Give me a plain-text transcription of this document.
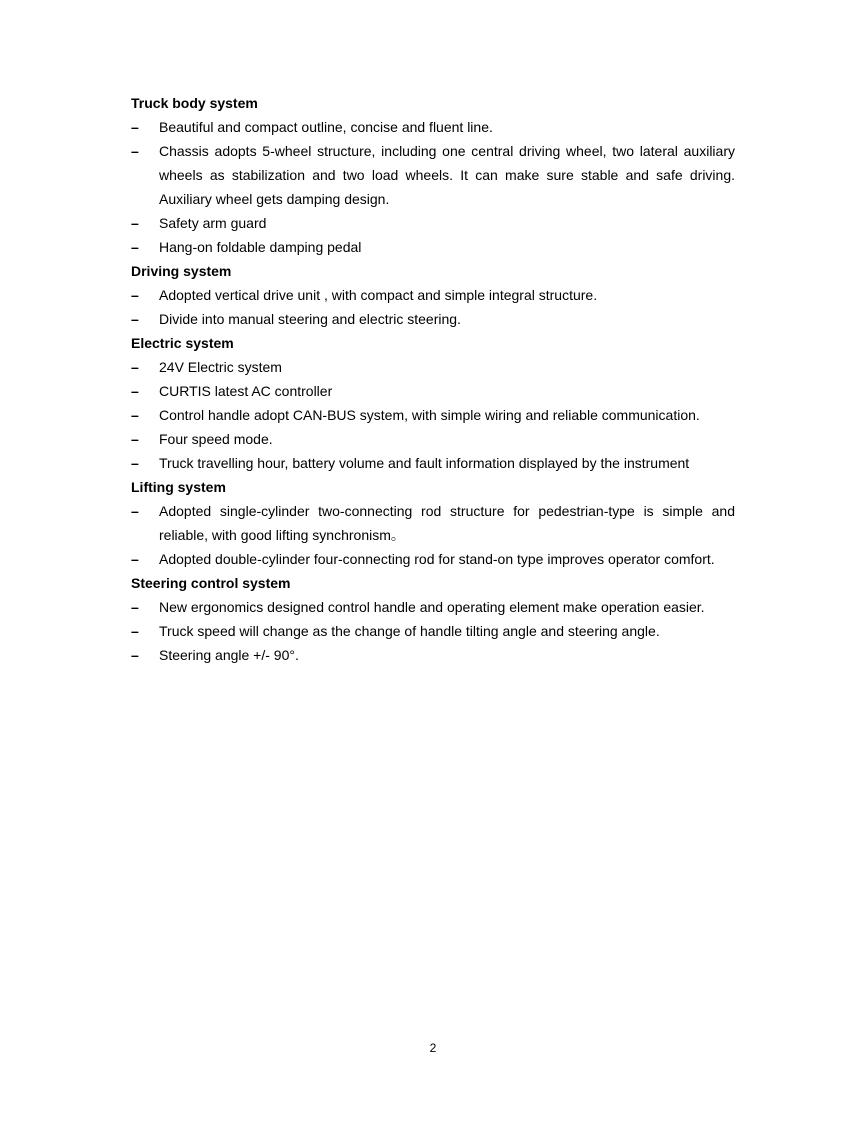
Truck body system

–	Beautiful and compact outline, concise and fluent line.
–	Chassis adopts 5-wheel structure, including one central driving wheel, two lateral auxiliary wheels as stabilization and two load wheels. It can make sure stable and safe driving. Auxiliary wheel gets damping design.
–	Safety arm guard
–	Hang-on foldable damping pedal

Driving system

–	Adopted vertical drive unit , with compact and simple integral structure.
–	Divide into manual steering and electric steering.

Electric system

–	24V Electric system
–	CURTIS latest AC controller
–	Control handle adopt CAN-BUS system, with simple wiring and reliable communication.
–	Four speed mode.
–	Truck travelling hour, battery volume and fault information displayed by the instrument

Lifting system

–	Adopted single-cylinder two-connecting rod structure for pedestrian-type is simple and reliable, with good lifting synchronism。
–	Adopted double-cylinder four-connecting rod for stand-on type improves operator comfort.

Steering control system

–	New ergonomics designed control handle and operating element make operation easier.
–	Truck speed will change as the change of handle tilting angle and steering angle.
–	Steering angle +/- 90°.
2
